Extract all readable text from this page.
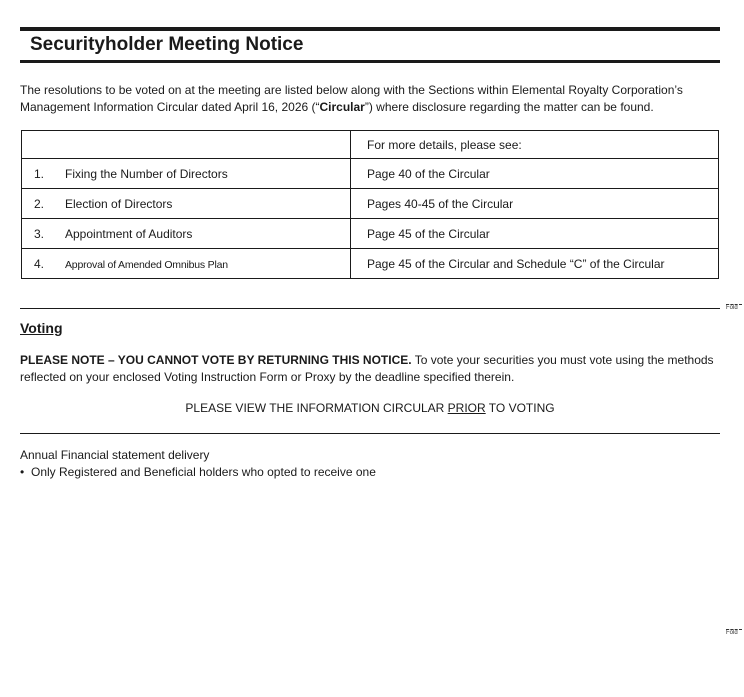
Securityholder Meeting Notice

The resolutions to be voted on at the meeting are listed below along with the Sections within Elemental Royalty Corporation’s Management Information Circular dated April 16, 2026 (“Circular”) where disclosure regarding the matter can be found.

	For more details, please see:
1. Fixing the Number of Directors	Page 40 of the Circular
2. Election of Directors	Pages 40-45 of the Circular
3. Appointment of Auditors	Page 45 of the Circular
4. Approval of Amended Omnibus Plan	Page 45 of the Circular and Schedule “C” of the Circular
Fold
Voting

PLEASE NOTE – YOU CANNOT VOTE BY RETURNING THIS NOTICE. To vote your securities you must vote using the methods reflected on your enclosed Voting Instruction Form or Proxy by the deadline specified therein.

PLEASE VIEW THE INFORMATION CIRCULAR PRIOR TO VOTING
Annual Financial statement delivery
• Only Registered and Beneficial holders who opted to receive one
Fold
